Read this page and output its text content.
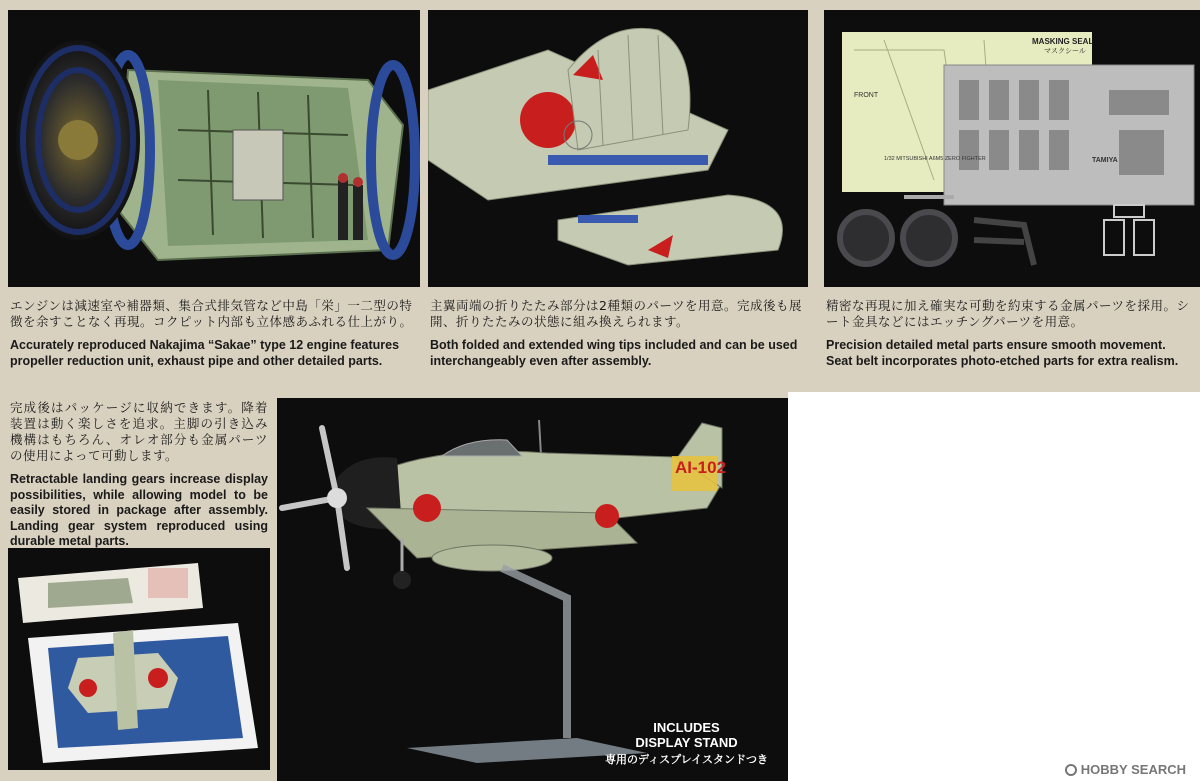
MASKING SEAL
マスクシール
FRONT
1/32 MITSUBISHI A6M5 ZERO FIGHTER	TAMIYA

エンジンは減速室や補器類、集合式排気管など中島「栄」一二型の特徴を余すことなく再現。コクピット内部も立体感あふれる仕上がり。

Accurately reproduced Nakajima “Sakae” type 12 engine features propeller reduction unit, exhaust pipe and other detailed parts.

主翼両端の折りたたみ部分は2種類のパーツを用意。完成後も展開、折りたたみの状態に組み換えられます。

Both folded and extended wing tips included and can be used interchangeably even after assembly.

精密な再現に加え確実な可動を約束する金属パーツを採用。シート金具などにはエッチングパーツを用意。

Precision detailed metal parts ensure smooth movement. Seat belt incorporates photo-etched parts for extra realism.

完成後はパッケージに収納できます。降着装置は動く楽しさを追求。主脚の引き込み機構はもちろん、オレオ部分も金属パーツの使用によって可動します。

Retractable landing gears increase display possibilities, while allowing model to be easily stored in package after assembly. Landing gear system reproduced using durable metal parts.

AI-102
INCLUDES
DISPLAY STAND
専用のディスプレイスタンドつき
HOBBY SEARCH
